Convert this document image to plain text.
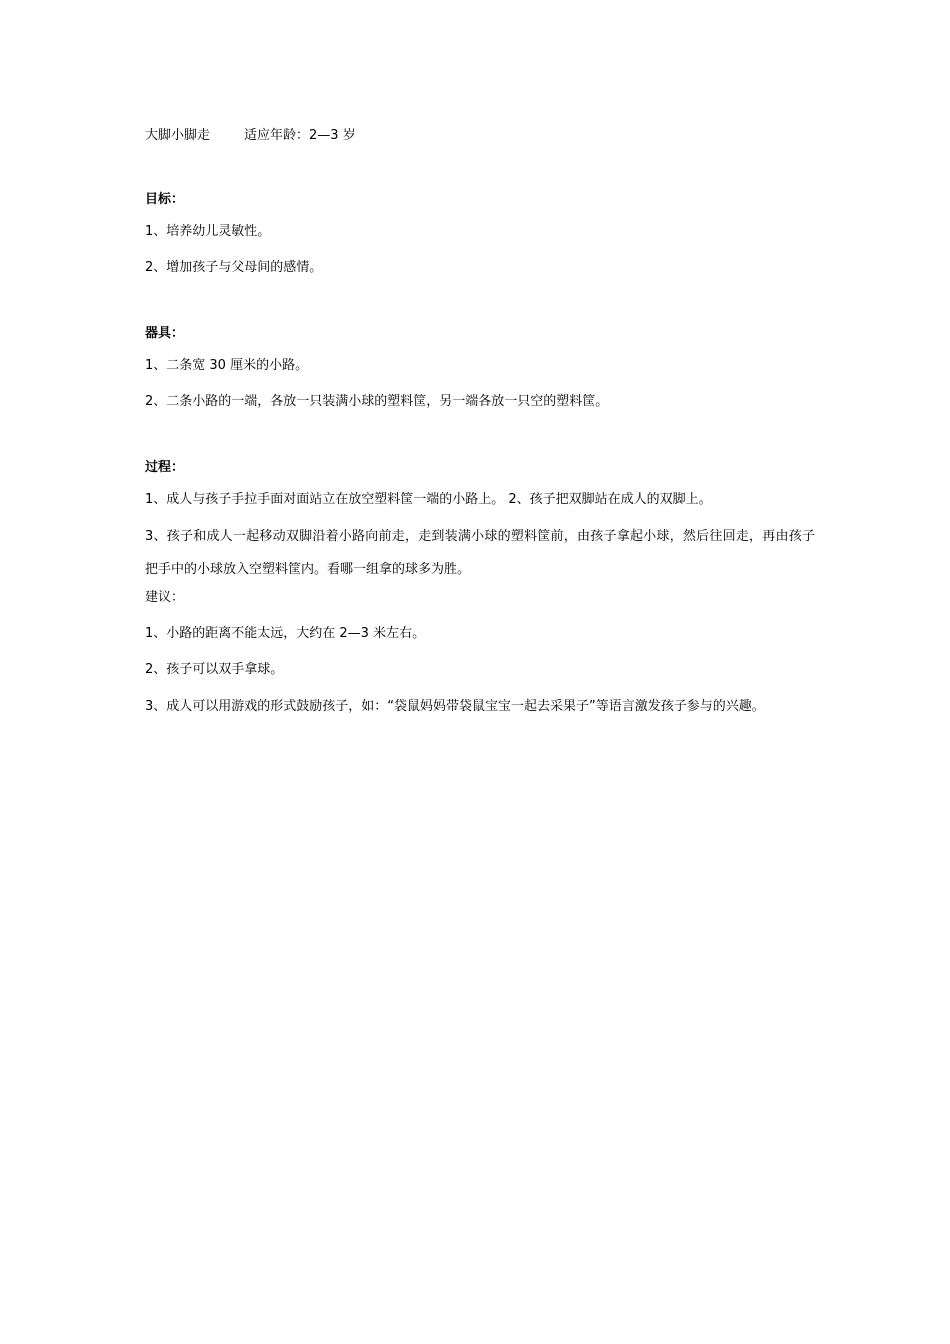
大脚小脚走	适应年龄：2—3 岁

目标：

1、培养幼儿灵敏性。

2、增加孩子与父母间的感情。

器具：

1、二条宽 30 厘米的小路。

2、二条小路的一端，各放一只装满小球的塑料筐，另一端各放一只空的塑料筐。

过程：

1、成人与孩子手拉手面对面站立在放空塑料筐一端的小路上。 2、孩子把双脚站在成人的双脚上。

3、孩子和成人一起移动双脚沿着小路向前走，走到装满小球的塑料筐前，由孩子拿起小球，然后往回走，再由孩子把手中的小球放入空塑料筐内。看哪一组拿的球多为胜。

建议：

1、小路的距离不能太远，大约在 2—3 米左右。

2、孩子可以双手拿球。

3、成人可以用游戏的形式鼓励孩子，如：“袋鼠妈妈带袋鼠宝宝一起去采果子”等语言激发孩子参与的兴趣。
